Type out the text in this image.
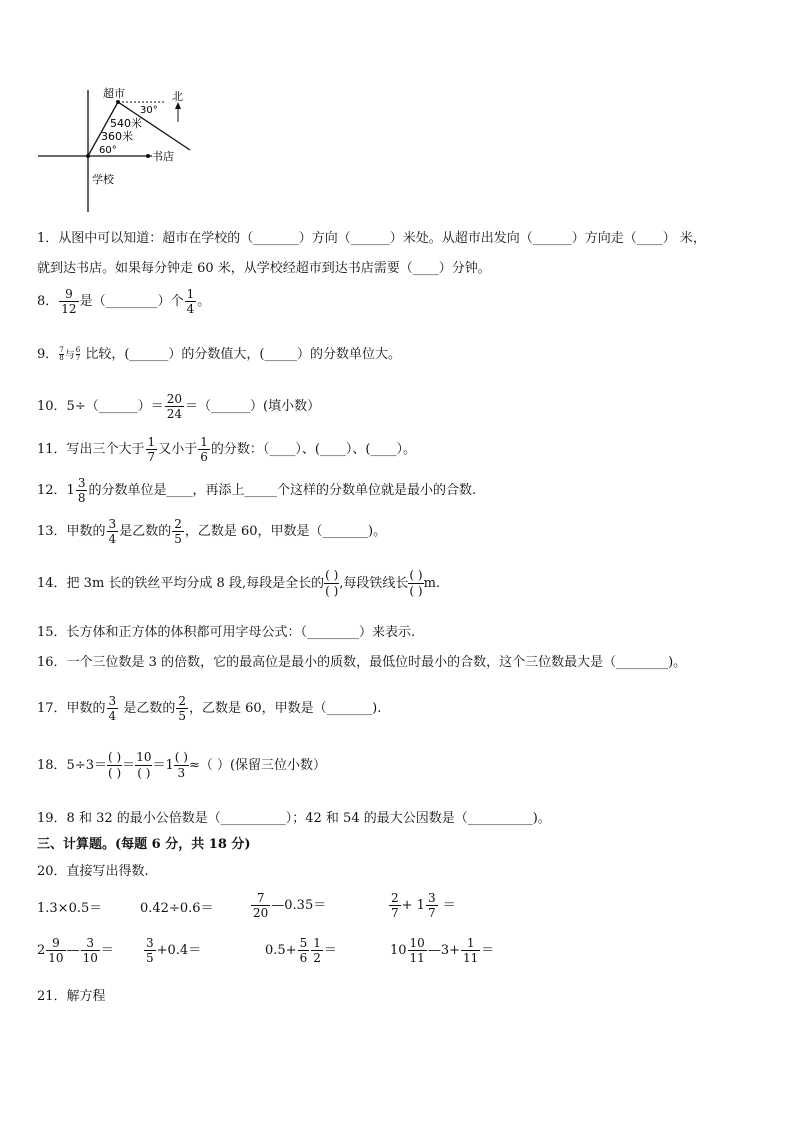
超市	北
30°
540米
360米
60°	书店
学校
1．从图中可以知道：超市在学校的（_______）方向（______）米处。从超市出发向（______）方向走（____） 米，
就到达书店。如果每分钟走 60 米，从学校经超市到达书店需要（____）分钟。
8． $\frac{9}{12}$ 是（________）个 $\frac{1}{4}$ 。
9． $\frac{7}{8}$与 $\frac{6}{7}$ 比较，(______）的分数值大，(_____）的分数单位大。
10．5÷（______）＝ $\frac{20}{24}$ ＝（______）(填小数）
11．写出三个大于 $\frac{1}{7}$ 又小于 $\frac{1}{6}$ 的分数：（____）、(____）、(____）。
12．$1 \frac{3}{8}$ 的分数单位是____，再添上_____个这样的分数单位就是最小的合数.
13．甲数的 $\frac{3}{4}$ 是乙数的 $\frac{2}{5}$ ，乙数是 60，甲数是（_______)。
14．把 3m 长的铁丝平均分成 8 段,每段是全长的 $\frac{( )}{( )}$ ,每段铁线长 $\frac{( )}{( )} m$.
15．长方体和正方体的体积都可用字母公式：（________）来表示.
16．一个三位数是 3 的倍数，它的最高位是最小的质数，最低位时最小的合数，这个三位数最大是（________)。
17．甲数的 $\frac{3}{4}$ 是乙数的 $\frac{2}{5}$ ，乙数是 60，甲数是（_______).
18．$5\div 3= \frac{( )}{( )} = \frac{10}{( )} =1 \frac{( )}{3}$ ≈（ ）(保留三位小数）
19．8 和 32 的最小公倍数是（__________）；42 和 54 的最大公因数是（__________)。
三、计算题。(每题 6 分，共 18 分)
20．直接写出得数.
1.3×0.5＝	0.42÷0.6＝	$\frac{7}{20}$ —0.35＝	$\frac{2}{7} + 1 \frac{3}{7}$ ＝
$2 \frac{9}{10}$ — $\frac{3}{10}$ ＝	$\frac{3}{5} +0.4=$	$0.5+ \frac{5}{6} \frac{1}{2}$ ＝	$10 \frac{10}{11}$ —3+ $\frac{1}{11}$ ＝
21．解方程
